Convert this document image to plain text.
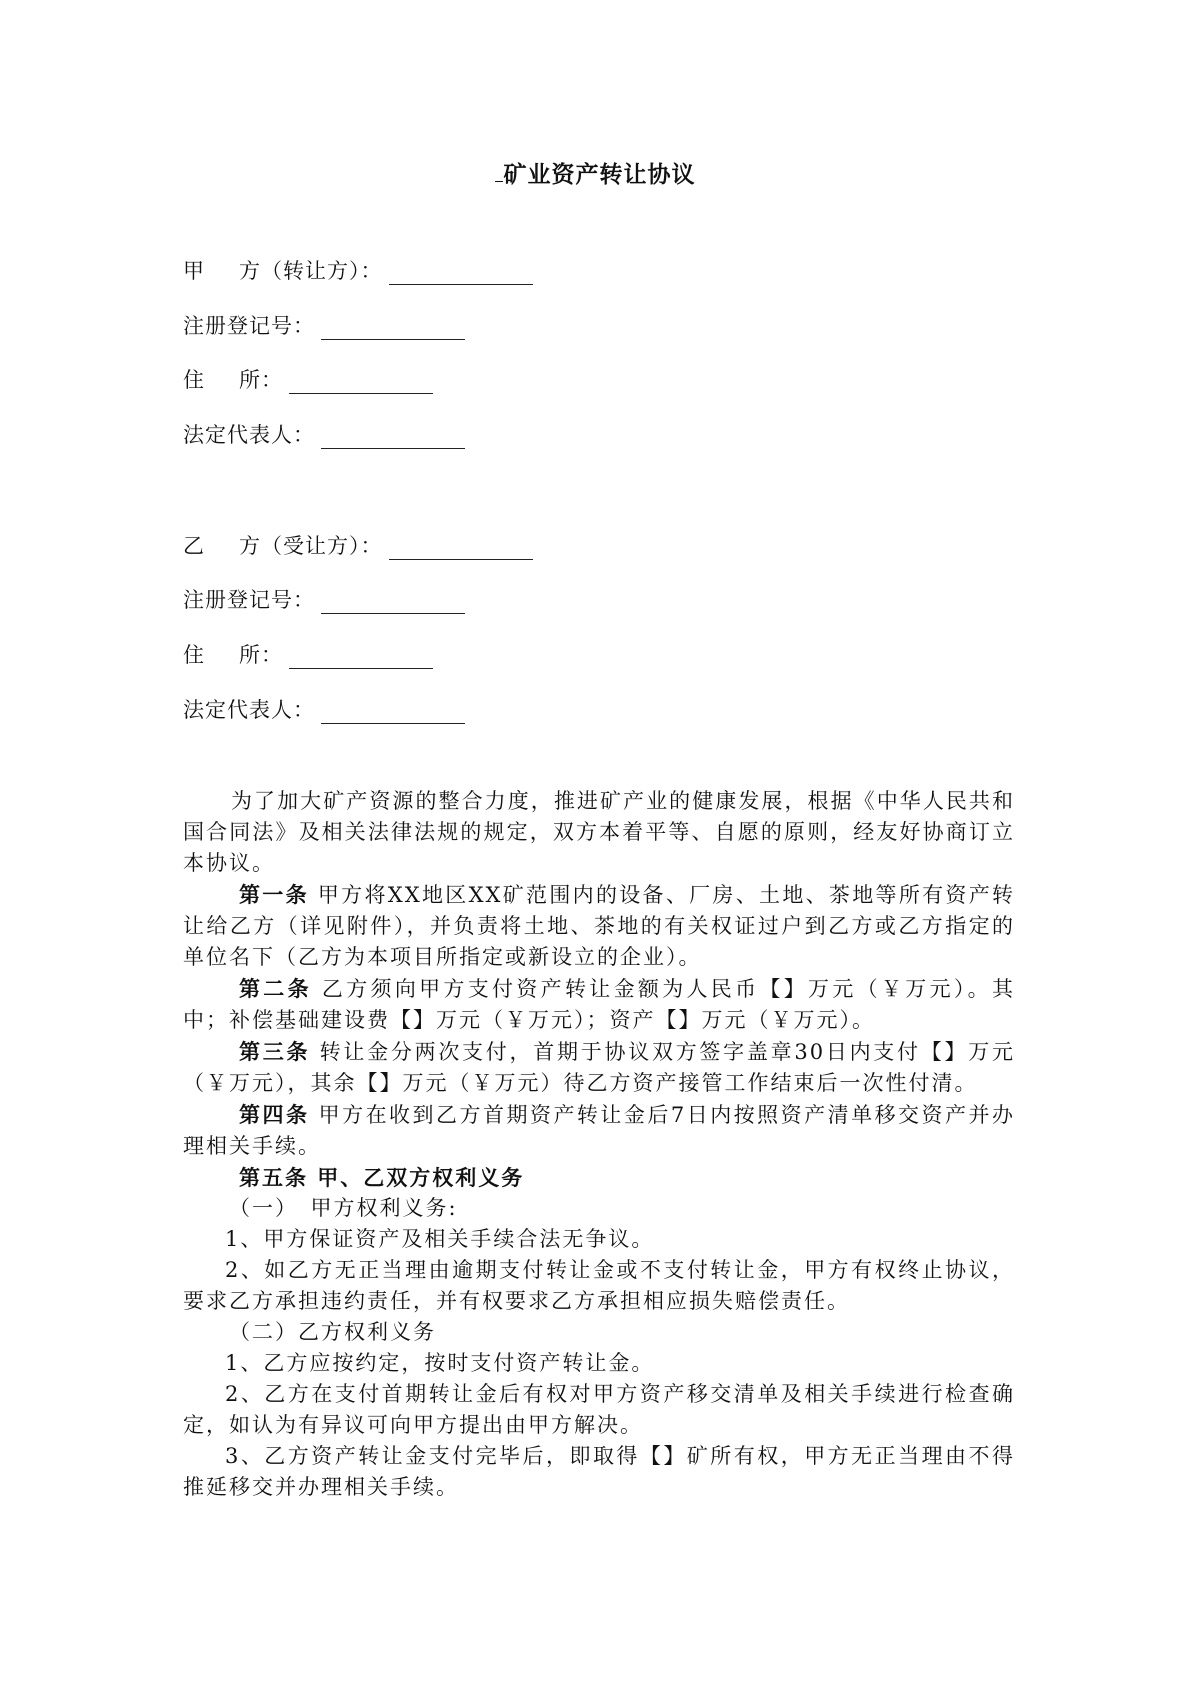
矿业资产转让协议
甲 方（转让方）：
注册登记号：
住 所：
法定代表人：
乙 方（受让方）：
注册登记号：
住 所：
法定代表人：

为了加大矿产资源的整合力度，推进矿产业的健康发展，根据《中华人民共和国合同法》及相关法律法规的规定，双方本着平等、自愿的原则，经友好协商订立本协议。

第一条 甲方将XX地区XX矿范围内的设备、厂房、土地、茶地等所有资产转让给乙方（详见附件），并负责将土地、茶地的有关权证过户到乙方或乙方指定的单位名下（乙方为本项目所指定或新设立的企业）。

第二条 乙方须向甲方支付资产转让金额为人民币【】万元（￥万元）。其中；补偿基础建设费【】万元（￥万元）；资产【】万元（￥万元）。

第三条 转让金分两次支付，首期于协议双方签字盖章30日内支付【】万元（￥万元），其余【】万元（￥万元）待乙方资产接管工作结束后一次性付清。

第四条 甲方在收到乙方首期资产转让金后7日内按照资产清单移交资产并办理相关手续。

第五条 甲、乙双方权利义务

（一）　甲方权利义务:

1、甲方保证资产及相关手续合法无争议。

2、如乙方无正当理由逾期支付转让金或不支付转让金，甲方有权终止协议，要求乙方承担违约责任，并有权要求乙方承担相应损失赔偿责任。

（二）乙方权利义务

1、乙方应按约定，按时支付资产转让金。

2、乙方在支付首期转让金后有权对甲方资产移交清单及相关手续进行检查确定，如认为有异议可向甲方提出由甲方解决。

3、乙方资产转让金支付完毕后，即取得【】矿所有权，甲方无正当理由不得推延移交并办理相关手续。
